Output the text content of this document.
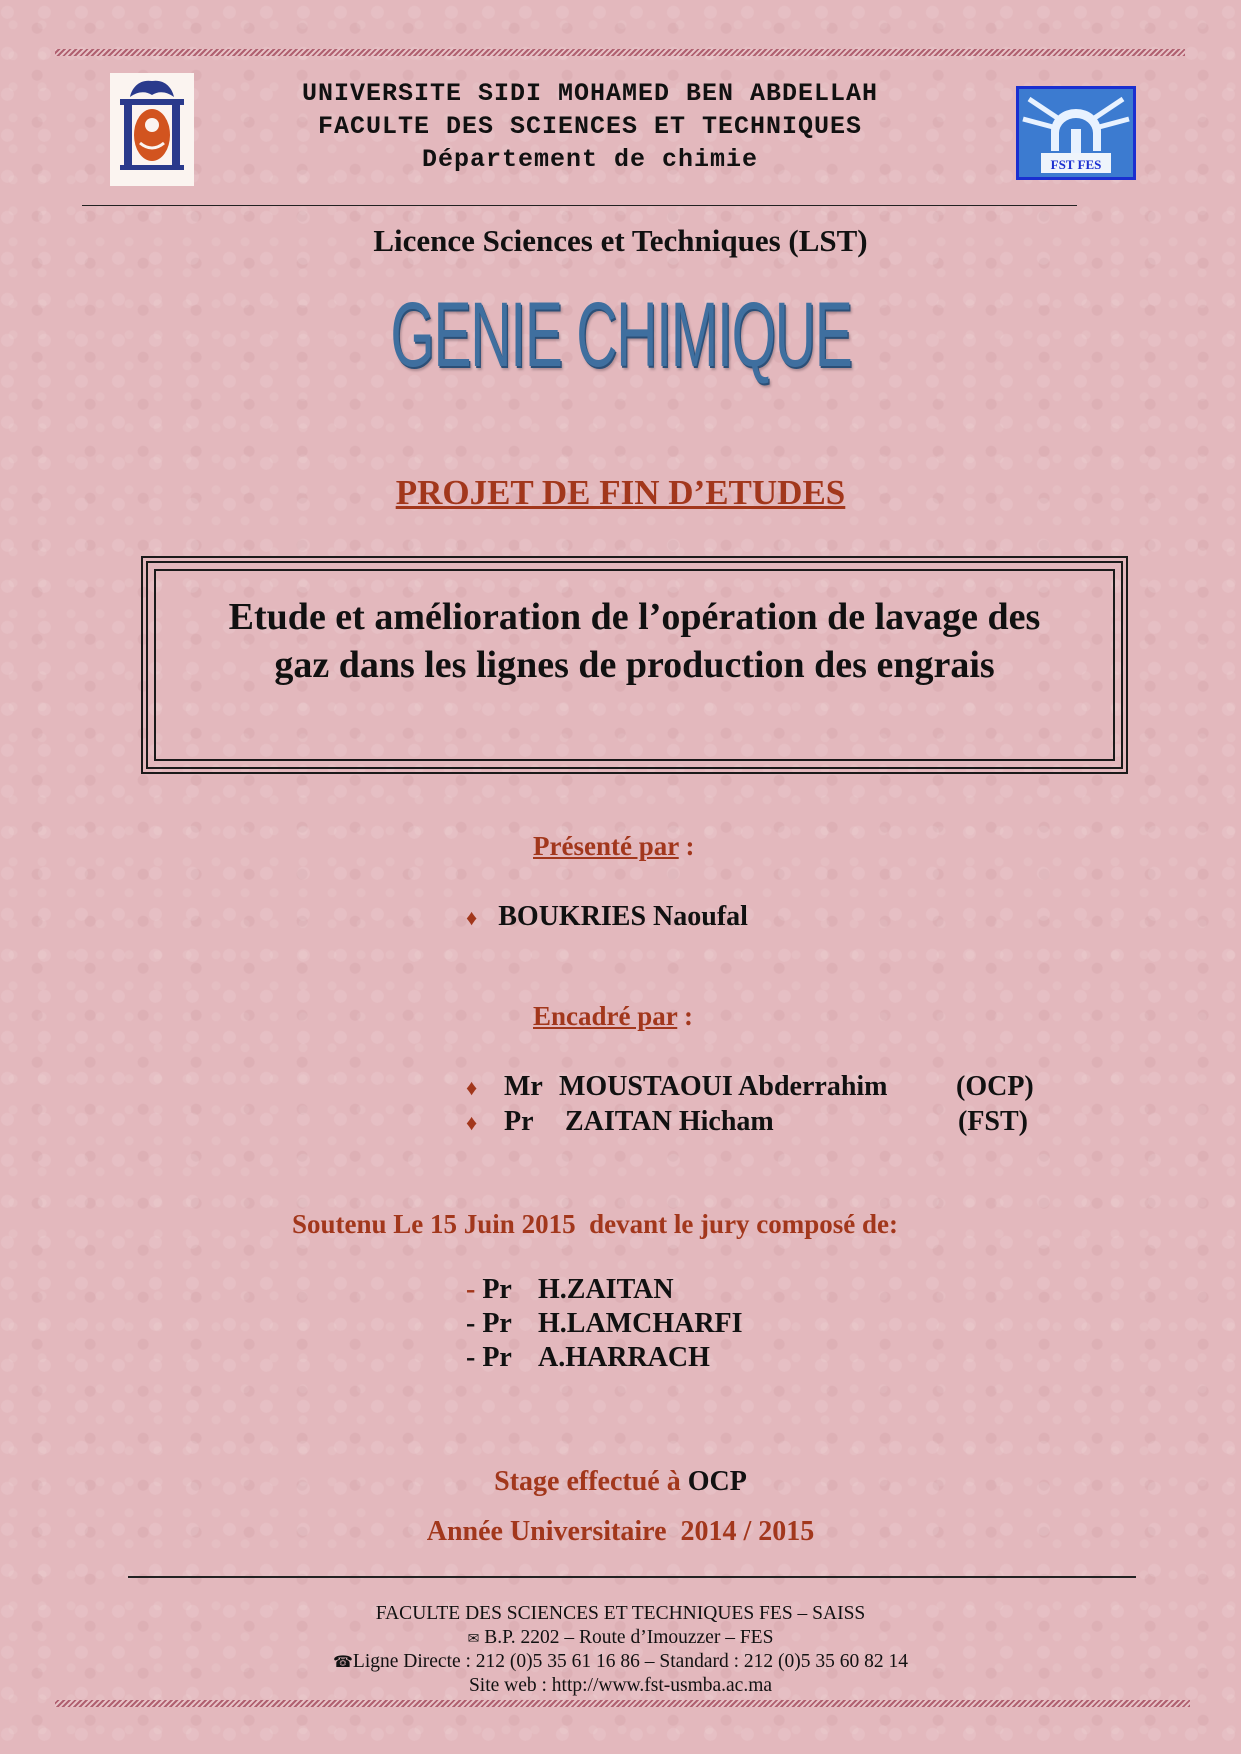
UNIVERSITE SIDI MOHAMED BEN ABDELLAH
FACULTE DES SCIENCES ET TECHNIQUES
Département de chimie	FST FES
Licence Sciences et Techniques (LST)
GENIE CHIMIQUE
PROJET DE FIN D’ETUDES
Etude et amélioration de l’opération de lavage des
gaz dans les lignes de production des engrais
Présenté par :
♦ BOUKRIES Naoufal
Encadré par :
♦ Mr MOUSTAOUI Abderrahim (OCP)
♦ Pr ZAITAN Hicham	(FST)
Soutenu Le 15 Juin 2015  devant le jury composé de:
- Pr H.ZAITAN
- Pr H.LAMCHARFI
- Pr A.HARRACH
Stage effectué à OCP
Année Universitaire  2014 / 2015
FACULTE DES SCIENCES ET TECHNIQUES FES – SAISS
✉ B.P. 2202 – Route d’Imouzzer – FES
☎Ligne Directe : 212 (0)5 35 61 16 86 – Standard : 212 (0)5 35 60 82 14
Site web : http://www.fst-usmba.ac.ma
